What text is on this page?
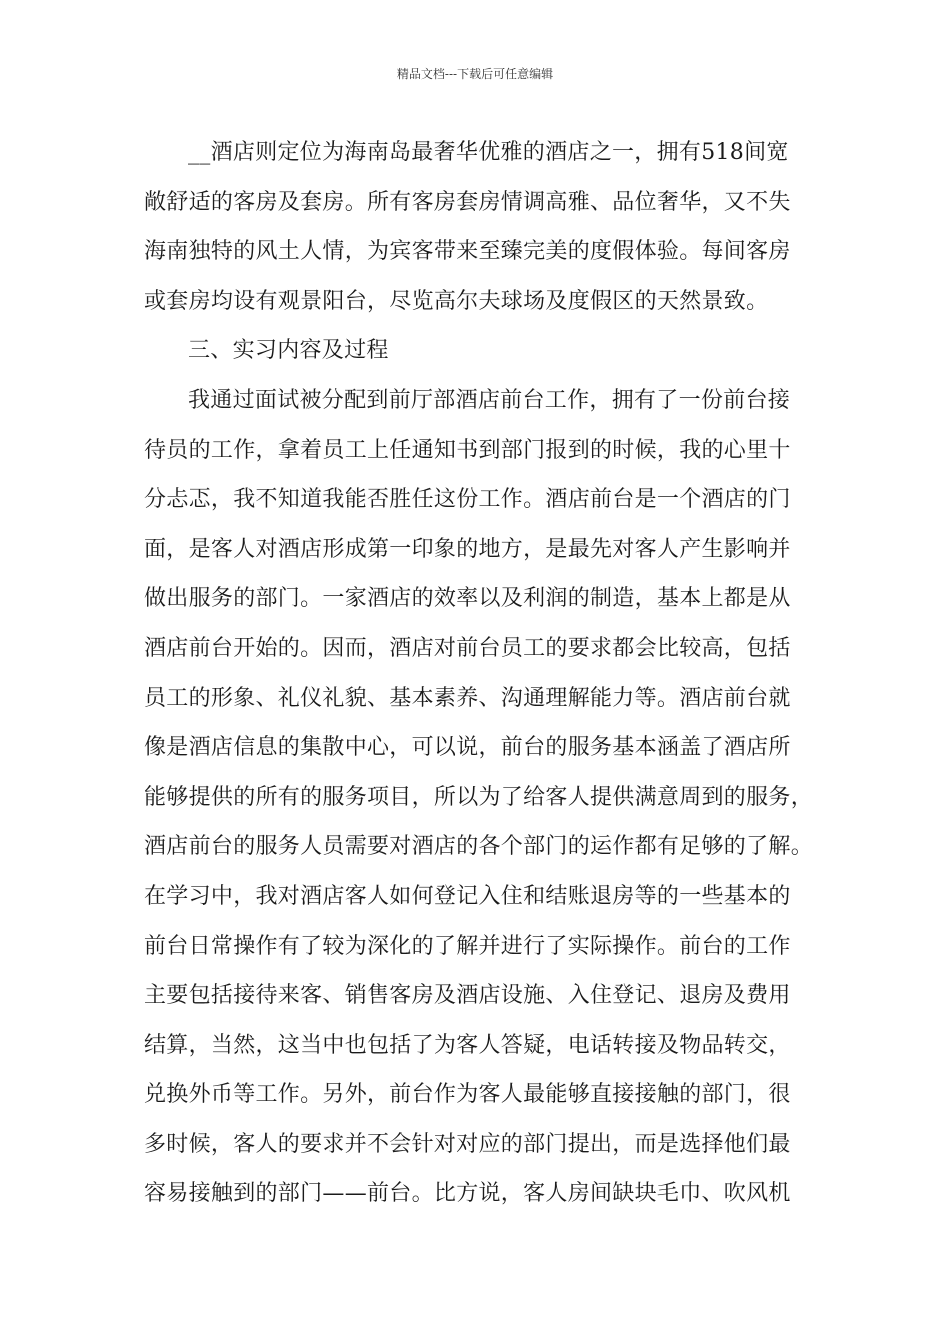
精品文档---下载后可任意编辑
__酒店则定位为海南岛最奢华优雅的酒店之一，拥有518间宽
敞舒适的客房及套房。所有客房套房情调高雅、品位奢华，又不失
海南独特的风土人情，为宾客带来至臻完美的度假体验。每间客房
或套房均设有观景阳台，尽览高尔夫球场及度假区的天然景致。
三、实习内容及过程
我通过面试被分配到前厅部酒店前台工作，拥有了一份前台接
待员的工作，拿着员工上任通知书到部门报到的时候，我的心里十
分忐忑，我不知道我能否胜任这份工作。酒店前台是一个酒店的门
面，是客人对酒店形成第一印象的地方，是最先对客人产生影响并
做出服务的部门。一家酒店的效率以及利润的制造，基本上都是从
酒店前台开始的。因而，酒店对前台员工的要求都会比较高，包括
员工的形象、礼仪礼貌、基本素养、沟通理解能力等。酒店前台就
像是酒店信息的集散中心，可以说，前台的服务基本涵盖了酒店所
能够提供的所有的服务项目，所以为了给客人提供满意周到的服务，
酒店前台的服务人员需要对酒店的各个部门的运作都有足够的了解。
在学习中，我对酒店客人如何登记入住和结账退房等的一些基本的
前台日常操作有了较为深化的了解并进行了实际操作。前台的工作
主要包括接待来客、销售客房及酒店设施、入住登记、退房及费用
结算，当然，这当中也包括了为客人答疑，电话转接及物品转交，
兑换外币等工作。另外，前台作为客人最能够直接接触的部门，很
多时候，客人的要求并不会针对对应的部门提出，而是选择他们最
容易接触到的部门——前台。比方说，客人房间缺块毛巾、吹风机
